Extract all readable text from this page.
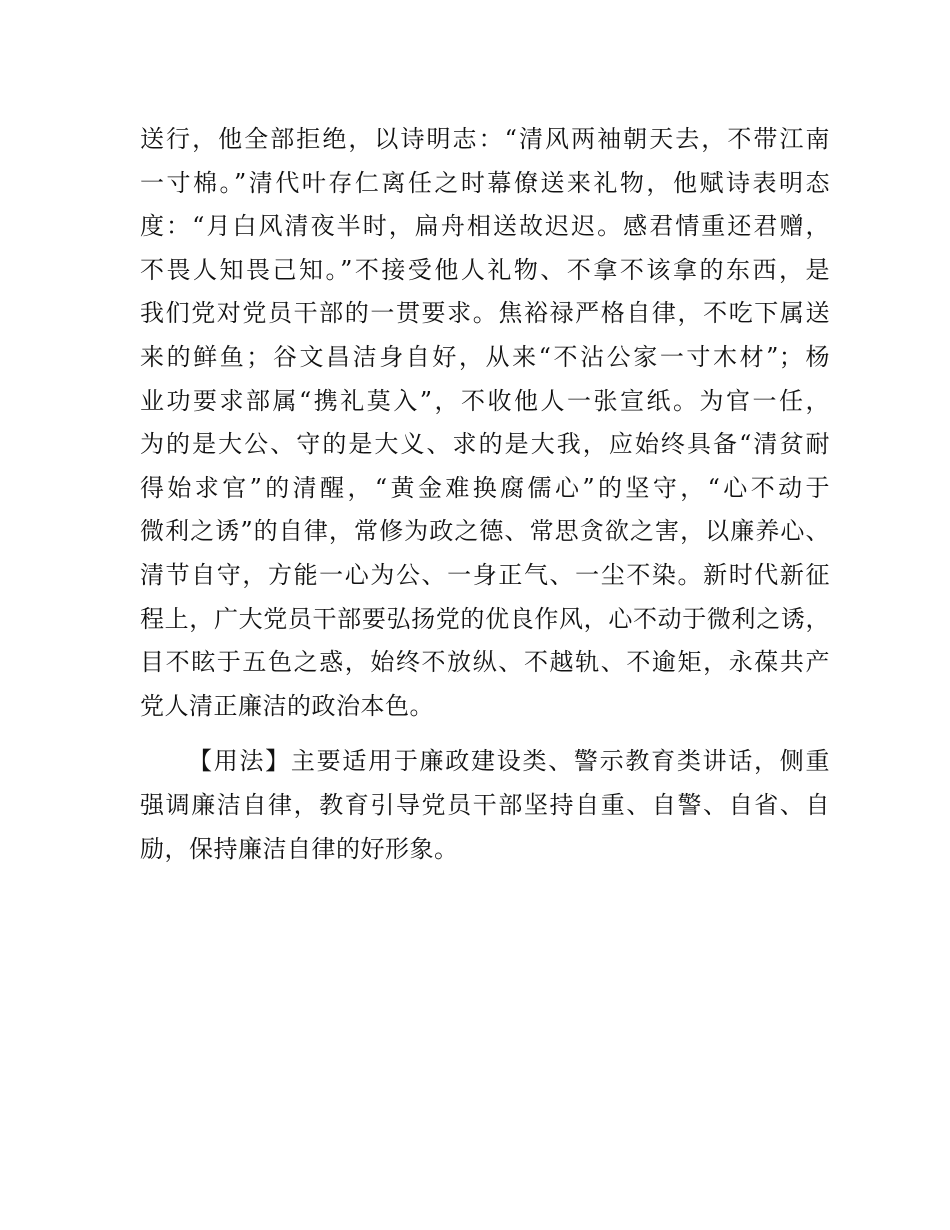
送行，他全部拒绝，以诗明志：“清风两袖朝天去，不带江南
一寸棉。”清代叶存仁离任之时幕僚送来礼物，他赋诗表明态
度：“月白风清夜半时，扁舟相送故迟迟。感君情重还君赠，
不畏人知畏己知。”不接受他人礼物、不拿不该拿的东西，是
我们党对党员干部的一贯要求。焦裕禄严格自律，不吃下属送
来的鲜鱼；谷文昌洁身自好，从来“不沾公家一寸木材”；杨
业功要求部属“携礼莫入”，不收他人一张宣纸。为官一任，
为的是大公、守的是大义、求的是大我，应始终具备“清贫耐
得始求官”的清醒，“黄金难换腐儒心”的坚守，“心不动于
微利之诱”的自律，常修为政之德、常思贪欲之害，以廉养心、
清节自守，方能一心为公、一身正气、一尘不染。新时代新征
程上，广大党员干部要弘扬党的优良作风，心不动于微利之诱，
目不眩于五色之惑，始终不放纵、不越轨、不逾矩，永葆共产
党人清正廉洁的政治本色。
【用法】主要适用于廉政建设类、警示教育类讲话，侧重
强调廉洁自律，教育引导党员干部坚持自重、自警、自省、自
励，保持廉洁自律的好形象。
